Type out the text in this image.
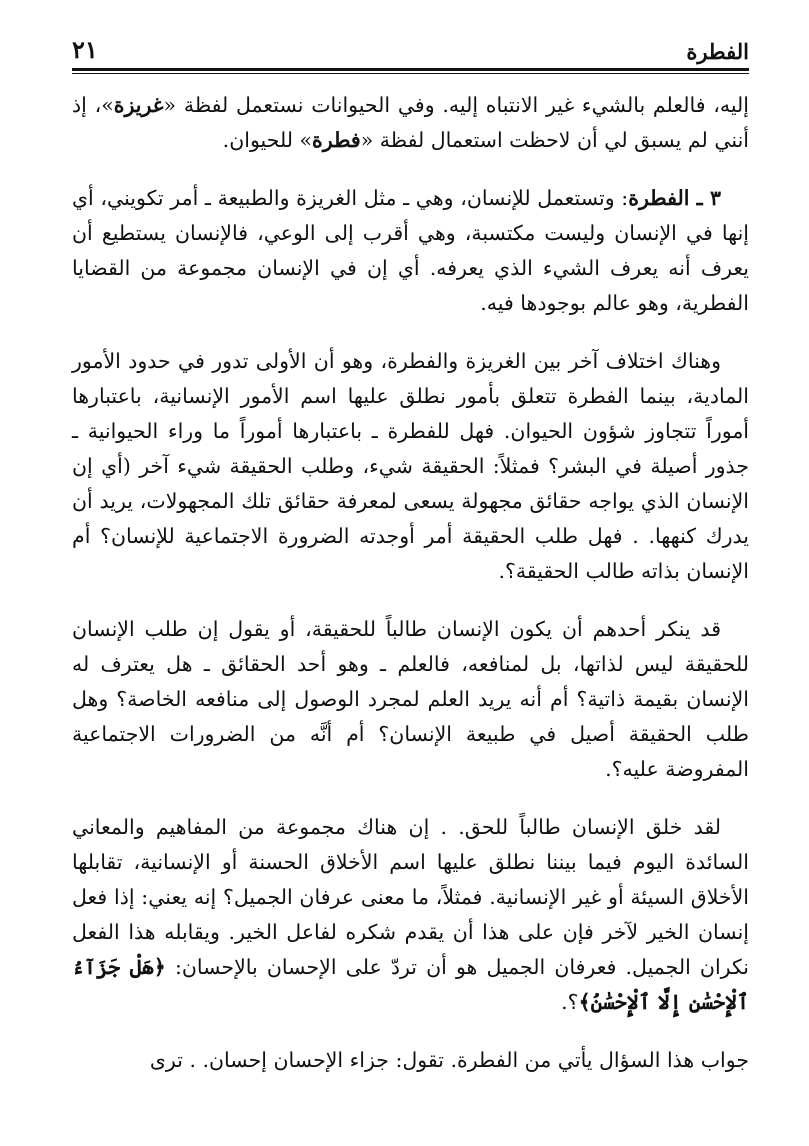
الفطرة
٢١

إليه، فالعلم بالشيء غير الانتباه إليه. وفي الحيوانات نستعمل لفظة «غريزة»، إذ أنني لم يسبق لي أن لاحظت استعمال لفظة «فطرة» للحيوان.

٣ ـ الفطرة: وتستعمل للإنسان، وهي ـ مثل الغريزة والطبيعة ـ أمر تكويني، أي إنها في الإنسان وليست مكتسبة، وهي أقرب إلى الوعي، فالإنسان يستطيع أن يعرف أنه يعرف الشيء الذي يعرفه. أي إن في الإنسان مجموعة من القضايا الفطرية، وهو عالم بوجودها فيه.

وهناك اختلاف آخر بين الغريزة والفطرة، وهو أن الأولى تدور في حدود الأمور المادية، بينما الفطرة تتعلق بأمور نطلق عليها اسم الأمور الإنسانية، باعتبارها أموراً تتجاوز شؤون الحيوان. فهل للفطرة ـ باعتبارها أموراً ما وراء الحيوانية ـ جذور أصيلة في البشر؟ فمثلاً: الحقيقة شيء، وطلب الحقيقة شيء آخر (أي إن الإنسان الذي يواجه حقائق مجهولة يسعى لمعرفة حقائق تلك المجهولات، يريد أن يدرك كنهها. . فهل طلب الحقيقة أمر أوجدته الضرورة الاجتماعية للإنسان؟ أم الإنسان بذاته طالب الحقيقة؟.

قد ينكر أحدهم أن يكون الإنسان طالباً للحقيقة، أو يقول إن طلب الإنسان للحقيقة ليس لذاتها، بل لمنافعه، فالعلم ـ وهو أحد الحقائق ـ هل يعترف له الإنسان بقيمة ذاتية؟ أم أنه يريد العلم لمجرد الوصول إلى منافعه الخاصة؟ وهل طلب الحقيقة أصيل في طبيعة الإنسان؟ أم أنَّه من الضرورات الاجتماعية المفروضة عليه؟.

لقد خلق الإنسان طالباً للحق. . إن هناك مجموعة من المفاهيم والمعاني السائدة اليوم فيما بيننا نطلق عليها اسم الأخلاق الحسنة أو الإنسانية، تقابلها الأخلاق السيئة أو غير الإنسانية. فمثلاً، ما معنى عرفان الجميل؟ إنه يعني: إذا فعل إنسان الخير لآخر فإن على هذا أن يقدم شكره لفاعل الخير. ويقابله هذا الفعل نكران الجميل. فعرفان الجميل هو أن تردّ على الإحسان بالإحسان: ﴿هَلْ جَزَآءُ ٱلْإِحْسَٰنِ إِلَّا ٱلْإِحْسَٰنُ﴾؟.

جواب هذا السؤال يأتي من الفطرة. تقول: جزاء الإحسان إحسان. . ترى
